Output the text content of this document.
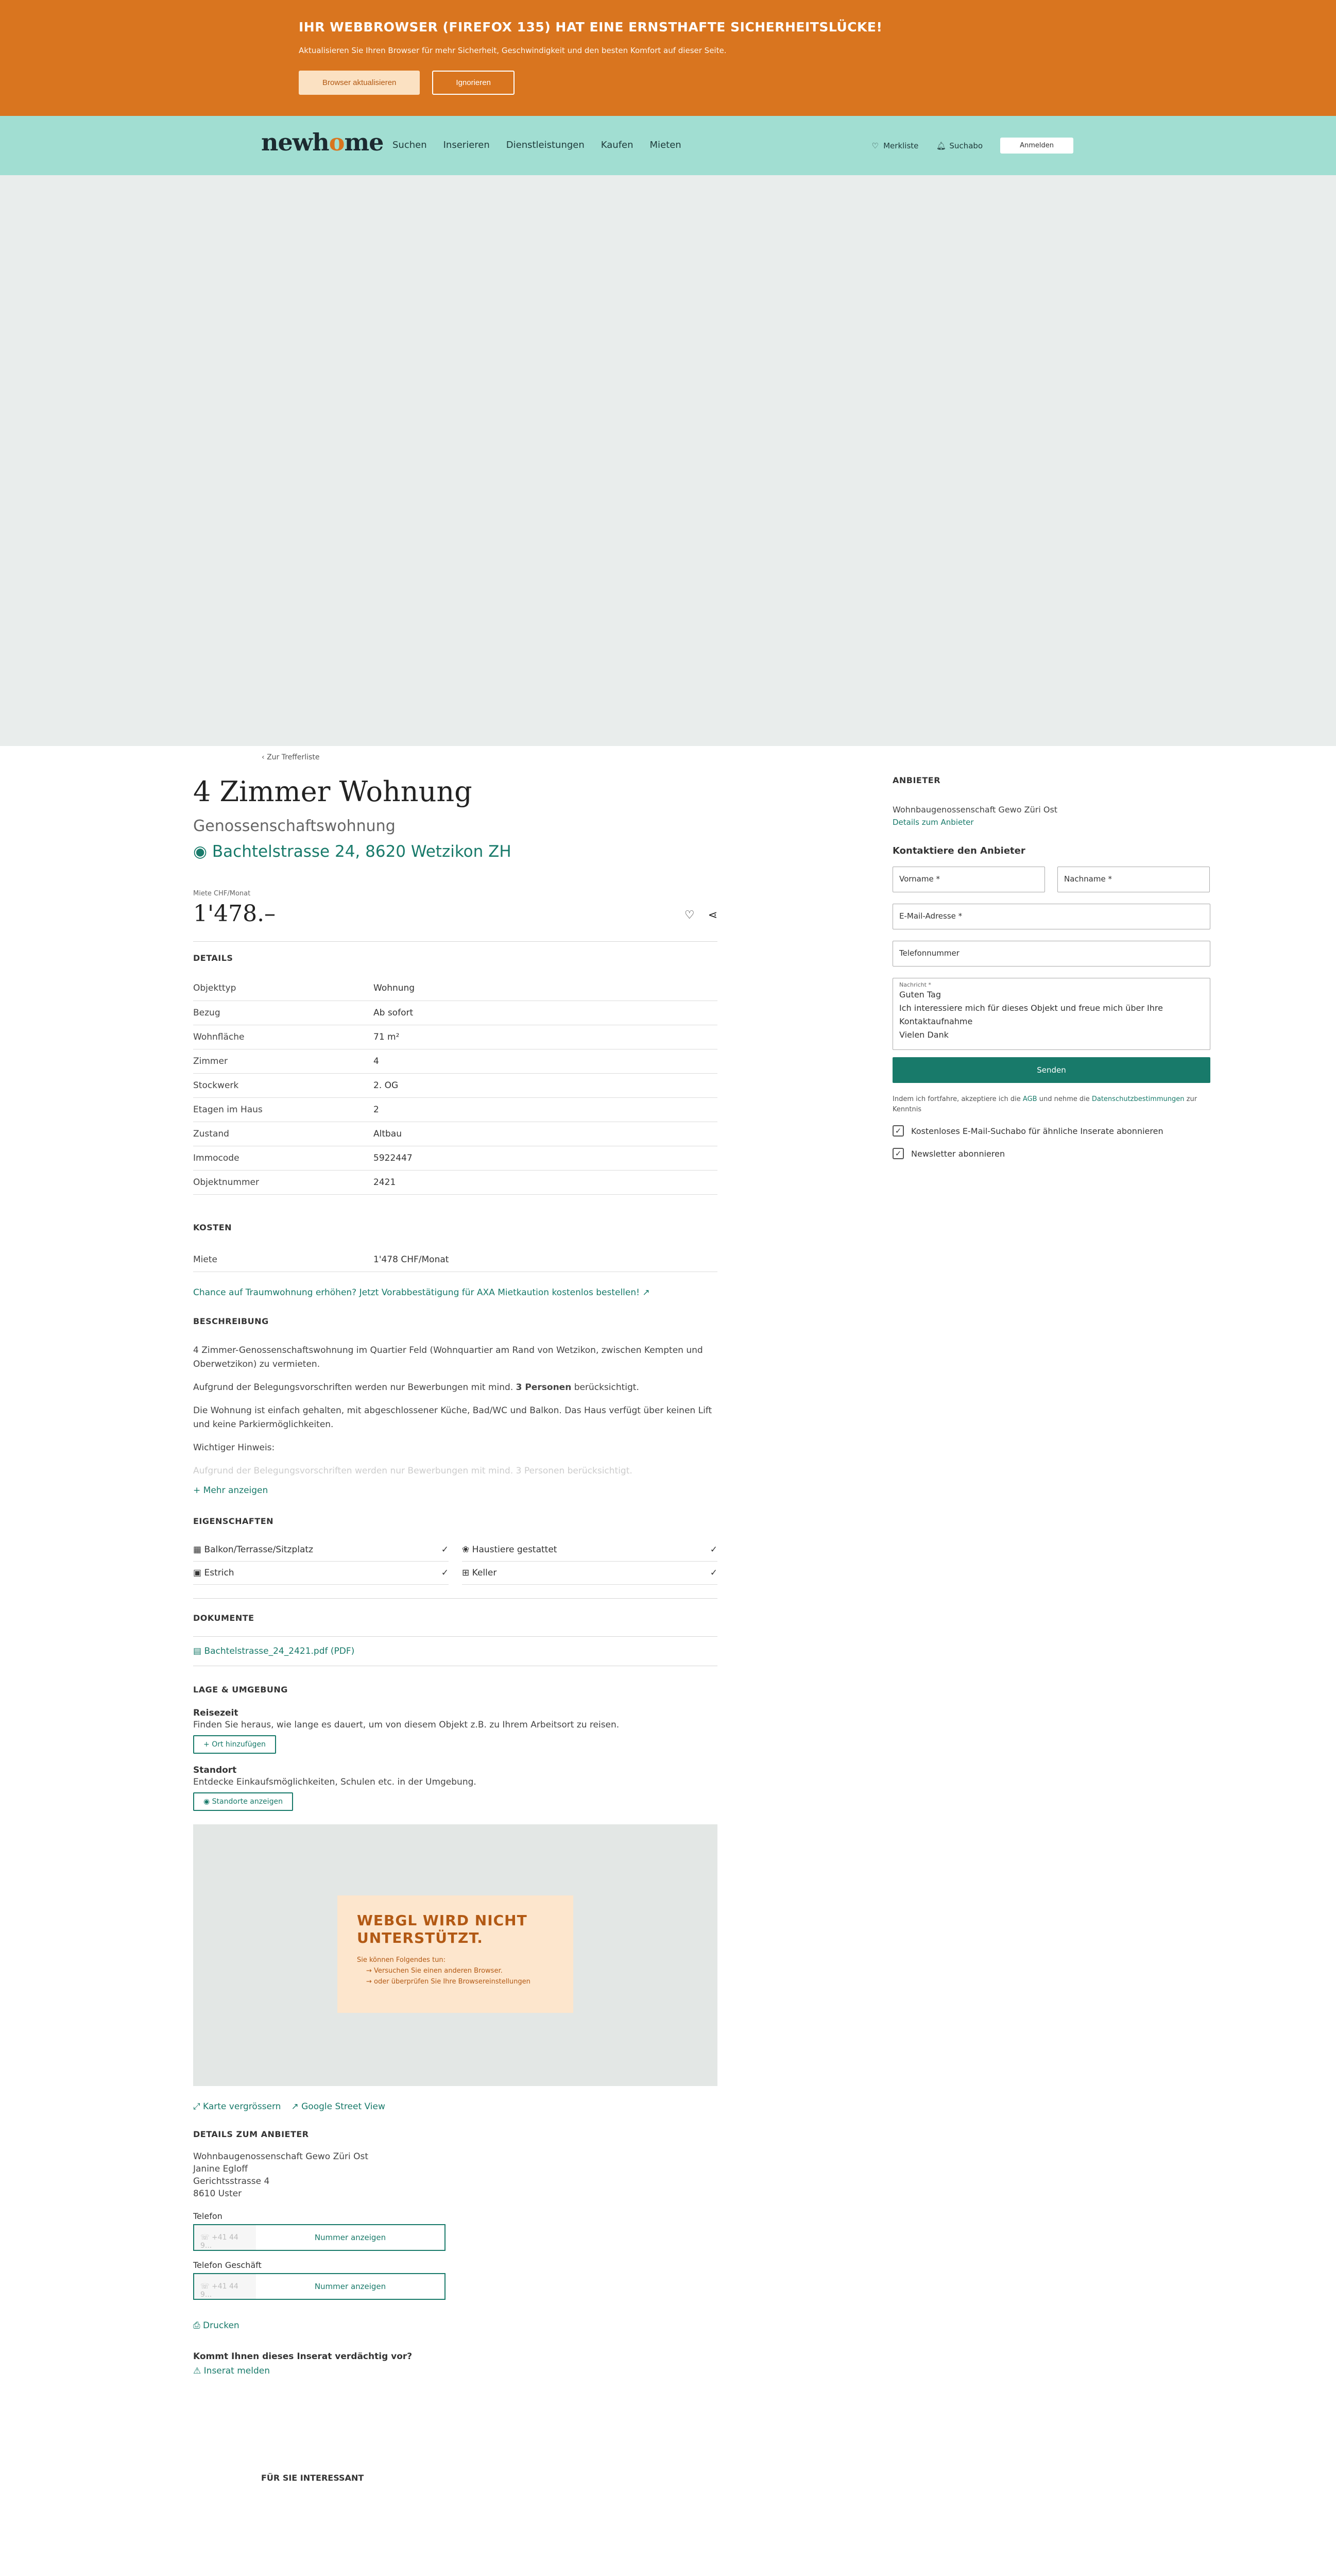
IHR WEBBROWSER (FIREFOX 135) HAT EINE ERNSTHAFTE SICHERHEITSLÜCKE!

Aktualisieren Sie Ihren Browser für mehr Sicherheit, Geschwindigkeit und den besten Komfort auf dieser Seite.

Browser aktualisieren	Ignorieren
newhome Suchen Inserieren Dienstleistungen Kaufen Mieten	♡ Merkliste 🔔︎ Suchabo	Anmelden
‹ Zur Trefferliste
4 Zimmer Wohnung
Genossenschaftswohnung
◉ Bachtelstrasse 24, 8620 Wetzikon ZH
Miete CHF/Monat
1'478.–	♡ ⋖
DETAILS
Objekttyp	Wohnung
Bezug	Ab sofort
Wohnfläche	71 m²
Zimmer	4
Stockwerk	2. OG
Etagen im Haus	2
Zustand	Altbau
Immocode	5922447
Objektnummer	2421
KOSTEN
Miete	1'478 CHF/Monat
Chance auf Traumwohnung erhöhen? Jetzt Vorabbestätigung für AXA Mietkaution kostenlos bestellen! ↗
BESCHREIBUNG
4 Zimmer-Genossenschaftswohnung im Quartier Feld (Wohnquartier am Rand von Wetzikon, zwischen Kempten und Oberwetzikon) zu vermieten.
Aufgrund der Belegungsvorschriften werden nur Bewerbungen mit mind. 3 Personen berücksichtigt.
Die Wohnung ist einfach gehalten, mit abgeschlossener Küche, Bad/WC und Balkon. Das Haus verfügt über keinen Lift und keine Parkiermöglichkeiten.
Wichtiger Hinweis:
Aufgrund der Belegungsvorschriften werden nur Bewerbungen mit mind. 3 Personen berücksichtigt.
+ Mehr anzeigen
EIGENSCHAFTEN
▦ Balkon/Terrasse/Sitzplatz	✓ ❀ Haustiere gestattet	✓
▣ Estrich	✓ ⊞ Keller	✓
DOKUMENTE
▤ Bachtelstrasse_24_2421.pdf (PDF)
LAGE & UMGEBUNG
Reisezeit
Finden Sie heraus, wie lange es dauert, um von diesem Objekt z.B. zu Ihrem Arbeitsort zu reisen.
+ Ort hinzufügen
Standort
Entdecke Einkaufsmöglichkeiten, Schulen etc. in der Umgebung.
◉ Standorte anzeigen
WEBGL WIRD NICHT UNTERSTÜTZT.

Sie können Folgendes tun:

→ Versuchen Sie einen anderen Browser.
→ oder überprüfen Sie Ihre Browsereinstellungen
⤢ Karte vergrössern ↗ Google Street View
DETAILS ZUM ANBIETER
Wohnbaugenossenschaft Gewo Züri Ost
Janine Egloff
Gerichtsstrasse 4
8610 Uster
Telefon
☏ +41 44 9...
Nummer anzeigen
Telefon Geschäft
☏ +41 44 9...
Nummer anzeigen
⎙ Drucken
Kommt Ihnen dieses Inserat verdächtig vor?
⚠ Inserat melden
ANBIETER
Wohnbaugenossenschaft Gewo Züri Ost
Details zum Anbieter
Kontaktiere den Anbieter
Vorname *	Nachname *
E-Mail-Adresse *
Telefonnummer
Nachricht *
Guten Tag
Ich interessiere mich für dieses Objekt und freue mich über Ihre Kontaktaufnahme
Vielen Dank
Senden
Indem ich fortfahre, akzeptiere ich die AGB und nehme die Datenschutzbestimmungen zur Kenntnis
✓ Kostenloses E-Mail-Suchabo für ähnliche Inserate abonnieren
✓ Newsletter abonnieren
FÜR SIE INTERESSANT
